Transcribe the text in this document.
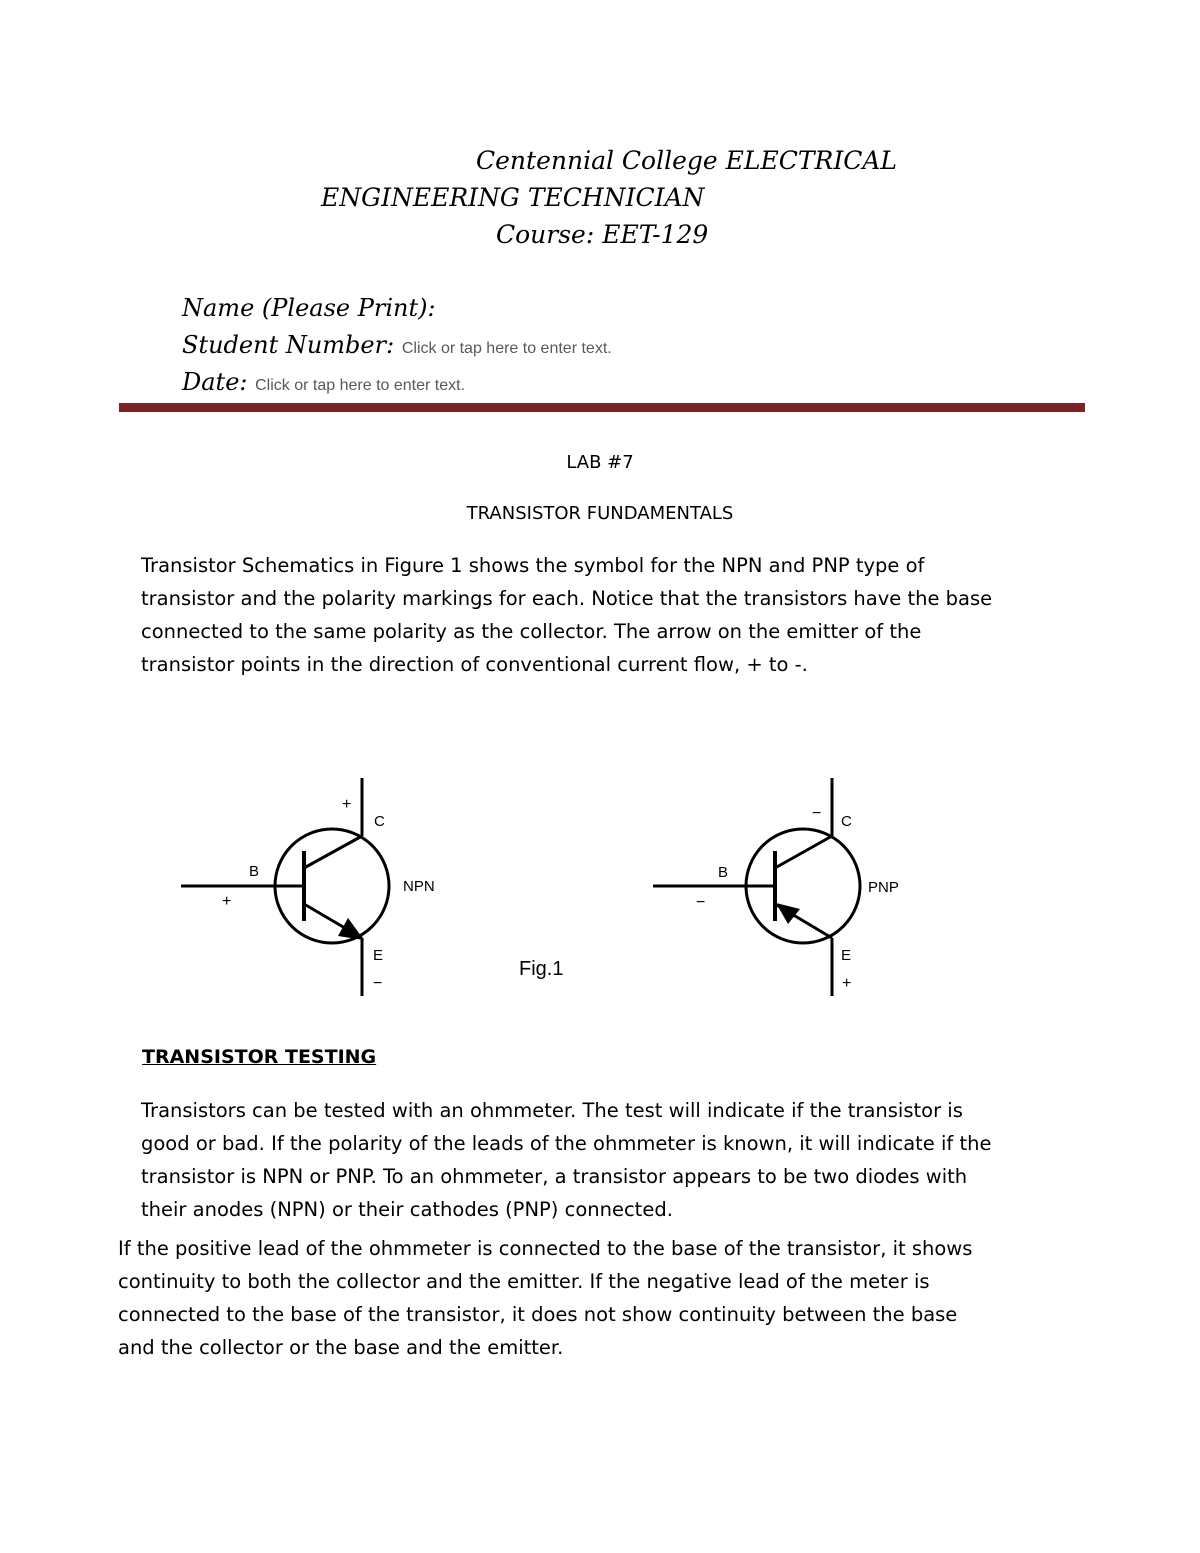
Centennial College ELECTRICAL
ENGINEERING TECHNICIAN
Course: EET-129
Name (Please Print):
Student Number: Click or tap here to enter text.
Date: Click or tap here to enter text.
LAB #7
TRANSISTOR FUNDAMENTALS
Transistor Schematics in Figure 1 shows the symbol for the NPN and PNP type of
transistor and the polarity markings for each. Notice that the transistors have the base
connected to the same polarity as the collector. The arrow on the emitter of the
transistor points in the direction of conventional current flow, + to -.
+
C
B
+
NPN
E
−
− C
B
−
PNP
E
+
Fig.1
TRANSISTOR TESTING
Transistors can be tested with an ohmmeter. The test will indicate if the transistor is
good or bad. If the polarity of the leads of the ohmmeter is known, it will indicate if the
transistor is NPN or PNP. To an ohmmeter, a transistor appears to be two diodes with
their anodes (NPN) or their cathodes (PNP) connected.
If the positive lead of the ohmmeter is connected to the base of the transistor, it shows
continuity to both the collector and the emitter. If the negative lead of the meter is
connected to the base of the transistor, it does not show continuity between the base
and the collector or the base and the emitter.
